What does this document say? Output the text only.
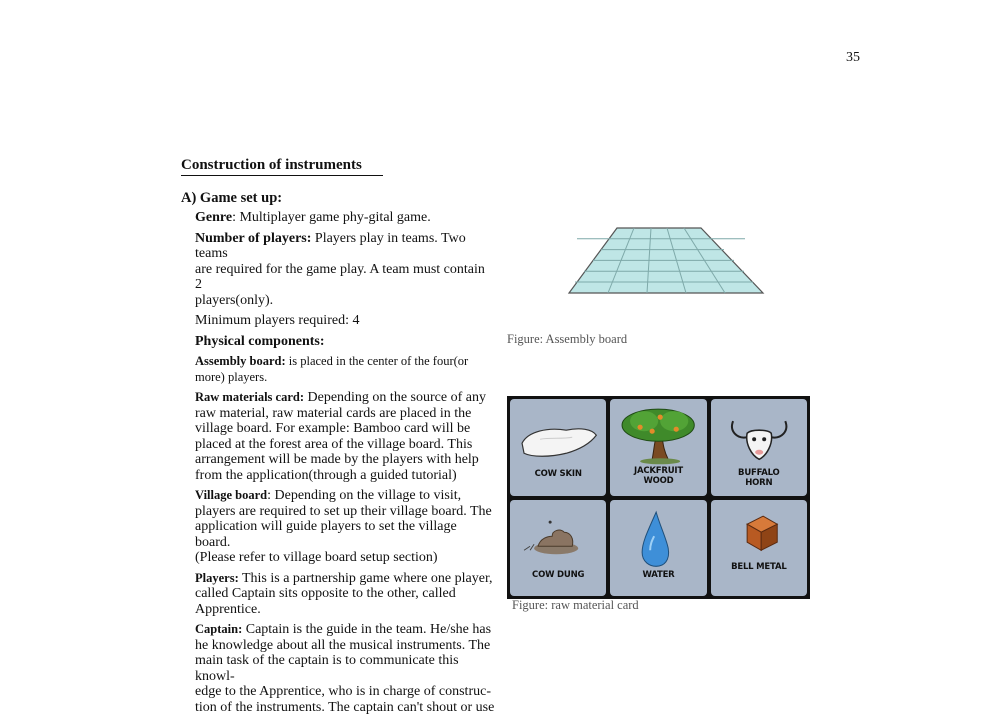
35
Construction of instruments
A) Game set up:

Genre: Multiplayer game phy-gital game.

Number of players: Players play in teams. Two teams
are required for the game play. A team must contain 2
players(only).

Minimum players required: 4

Physical components:

Assembly board: is placed in the center of the four(or
more) players.

Raw materials card: Depending on the source of any
raw material, raw material cards are placed in the
village board. For example: Bamboo card will be
placed at the forest area of the village board. This
arrangement will be made by the players with help
from the application(through a guided tutorial)

Village board: Depending on the village to visit,
players are required to set up their village board. The
application will guide players to set the village board.
(Please refer to village board setup section)

Players: This is a partnership game where one player,
called Captain sits opposite to the other, called
Apprentice.

Captain: Captain is the guide in the team. He/she has
he knowledge about all the musical instruments. The
main task of the captain is to communicate this knowl-
edge to the Apprentice, who is in charge of construc-
tion of the instruments. The captain can't shout or use

Figure: Assembly board
COW SKIN	JACKFRUIT
WOOD
BUFFALO
HORN
COW DUNG	WATER
BELL METAL
Figure: raw material card
